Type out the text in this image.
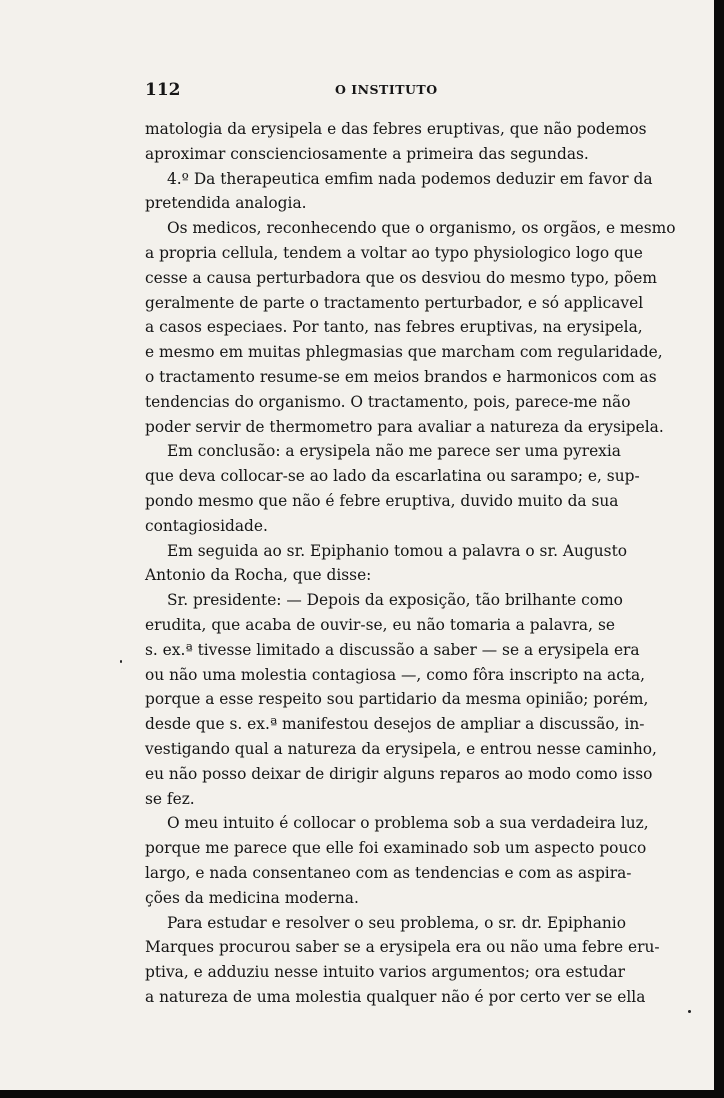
112	O INSTITUTO
matologia da erysipela e das febres eruptivas, que não podemos
aproximar conscienciosamente a primeira das segundas.
4.º Da therapeutica emfim nada podemos deduzir em favor da
pretendida analogia.
Os medicos, reconhecendo que o organismo, os orgãos, e mesmo
a propria cellula, tendem a voltar ao typo physiologico logo que
cesse a causa perturbadora que os desviou do mesmo typo, põem
geralmente de parte o tractamento perturbador, e só applicavel
a casos especiaes. Por tanto, nas febres eruptivas, na erysipela,
e mesmo em muitas phlegmasias que marcham com regularidade,
o tractamento resume-se em meios brandos e harmonicos com as
tendencias do organismo. O tractamento, pois, parece-me não
poder servir de thermometro para avaliar a natureza da erysipela.
Em conclusão: a erysipela não me parece ser uma pyrexia
que deva collocar-se ao lado da escarlatina ou sarampo; e, sup-
pondo mesmo que não é febre eruptiva, duvido muito da sua
contagiosidade.
Em seguida ao sr. Epiphanio tomou a palavra o sr. Augusto
Antonio da Rocha, que disse:
Sr. presidente: — Depois da exposição, tão brilhante como
erudita, que acaba de ouvir-se, eu não tomaria a palavra, se
s. ex.ª tivesse limitado a discussão a saber — se a erysipela era
ou não uma molestia contagiosa —, como fôra inscripto na acta,
porque a esse respeito sou partidario da mesma opinião; porém,
desde que s. ex.ª manifestou desejos de ampliar a discussão, in-
vestigando qual a natureza da erysipela, e entrou nesse caminho,
eu não posso deixar de dirigir alguns reparos ao modo como isso
se fez.
O meu intuito é collocar o problema sob a sua verdadeira luz,
porque me parece que elle foi examinado sob um aspecto pouco
largo, e nada consentaneo com as tendencias e com as aspira-
ções da medicina moderna.
Para estudar e resolver o seu problema, o sr. dr. Epiphanio
Marques procurou saber se a erysipela era ou não uma febre eru-
ptiva, e adduziu nesse intuito varios argumentos; ora estudar
a natureza de uma molestia qualquer não é por certo ver se ella
